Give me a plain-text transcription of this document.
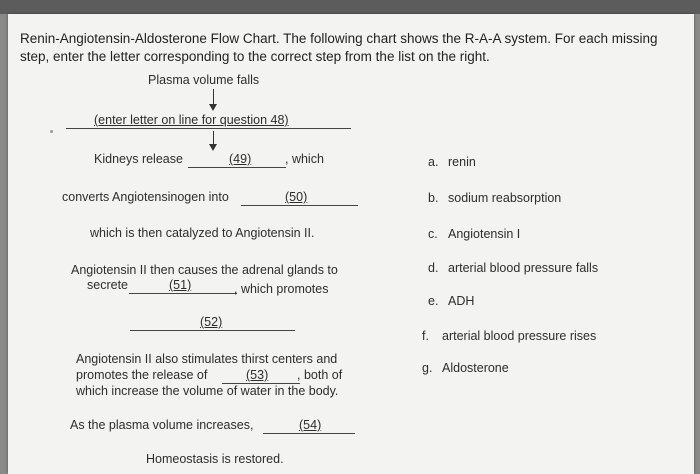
Renin-Angiotensin-Aldosterone Flow Chart. The following chart shows the R-A-A system. For each missing step, enter the letter corresponding to the correct step from the list on the right.
Plasma volume falls
(enter letter on line for question 48)
Kidneys release	(49)	, which
converts Angiotensinogen into	(50)
which is then catalyzed to Angiotensin II.
Angiotensin II then causes the adrenal glands to
secrete	(51)	, which promotes
(52)
Angiotensin II also stimulates thirst centers and
promotes the release of	(53) , both of
which increase the volume of water in the body.
As the plasma volume increases,	(54)
Homeostasis is restored.
a. renin
b. sodium reabsorption
c. Angiotensin I
d. arterial blood pressure falls
e. ADH
f. arterial blood pressure rises
g. Aldosterone
